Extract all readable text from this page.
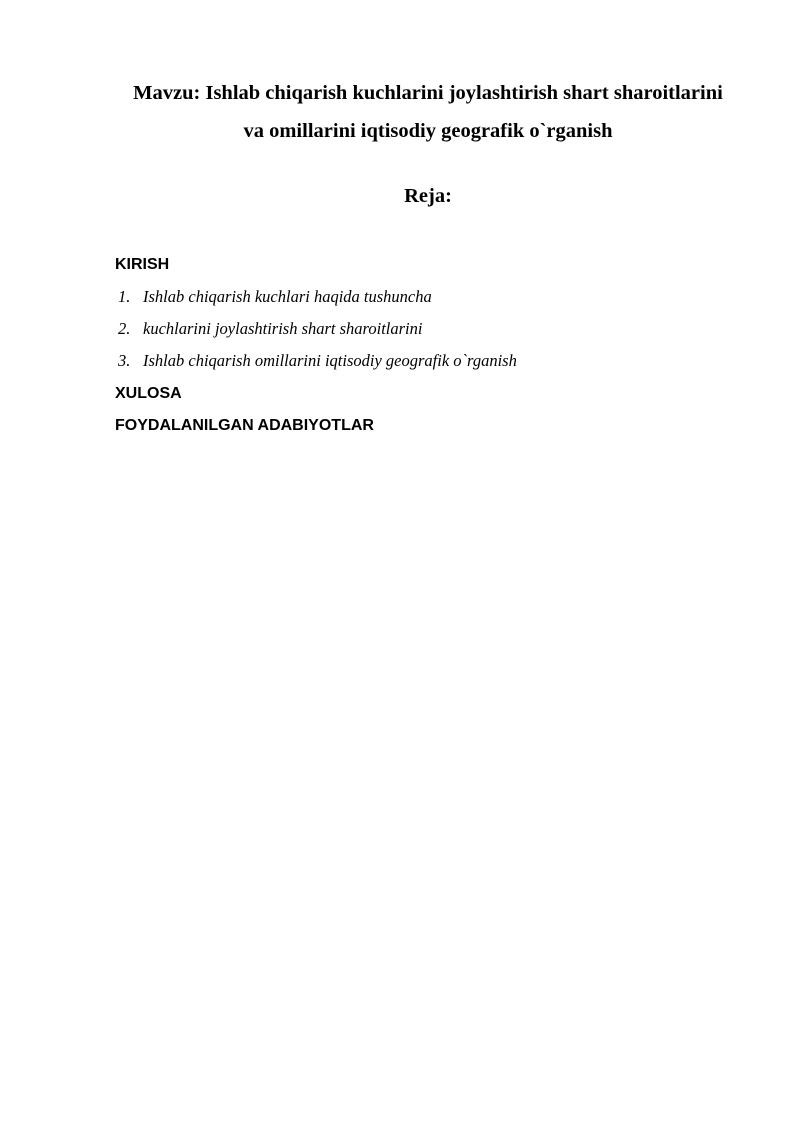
Mavzu: Ishlab chiqarish kuchlarini joylashtirish shart sharoitlarini
va omillarini iqtisodiy geografik o`rganish
Reja:
KIRISH
1. Ishlab chiqarish kuchlari haqida tushuncha
2. kuchlarini joylashtirish shart sharoitlarini
3. Ishlab chiqarish omillarini iqtisodiy geografik o`rganish
XULOSA
FOYDALANILGAN ADABIYOTLAR
